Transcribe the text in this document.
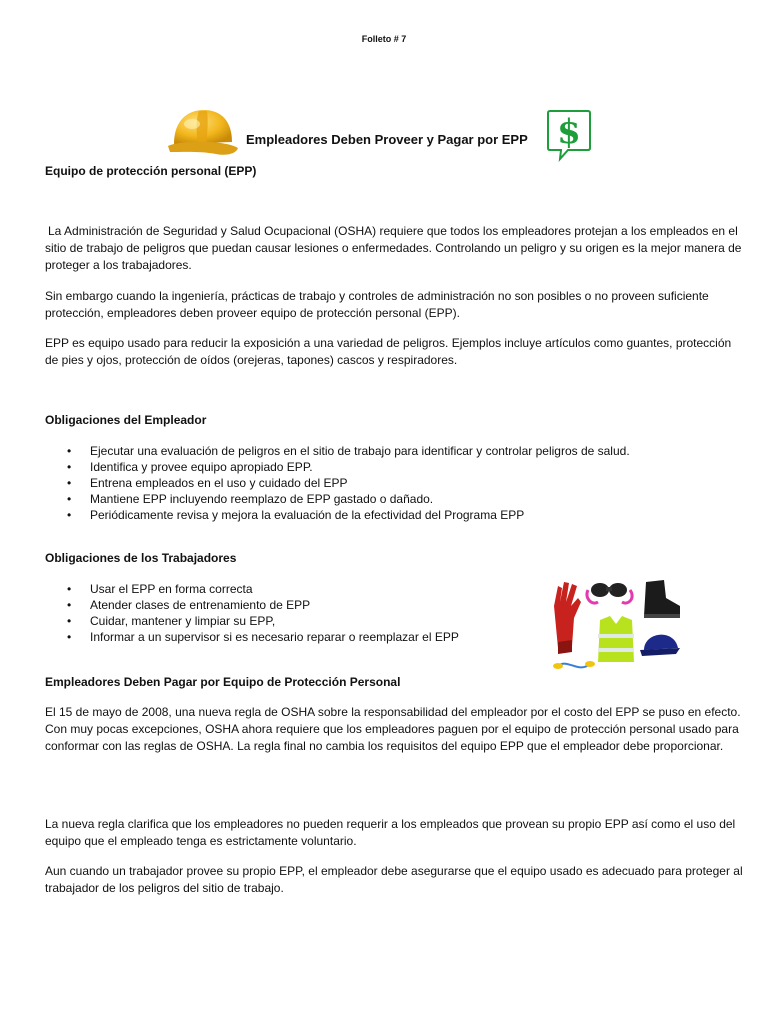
Folleto # 7
Empleadores Deben Proveer y Pagar por EPP $
Equipo de protección personal (EPP)
La Administración de Seguridad y Salud Ocupacional (OSHA) requiere que todos los empleadores protejan a los empleados en el sitio de trabajo de peligros que puedan causar lesiones o enfermedades. Controlando un peligro y su origen es la mejor manera de proteger a los trabajadores.
Sin embargo cuando la ingeniería, prácticas de trabajo y controles de administración no son posibles o no proveen suficiente protección, empleadores deben proveer equipo de protección personal (EPP).
EPP es equipo usado para reducir la exposición a una variedad de peligros. Ejemplos incluye artículos como guantes, protección de pies y ojos, protección de oídos (orejeras, tapones) cascos y respiradores.
Obligaciones del Empleador
• Ejecutar una evaluación de peligros en el sitio de trabajo para identificar y controlar peligros de salud.
• Identifica y provee equipo apropiado EPP.
• Entrena empleados en el uso y cuidado del EPP
• Mantiene EPP incluyendo reemplazo de EPP gastado o dañado.
• Periódicamente revisa y mejora la evaluación de la efectividad del Programa EPP
Obligaciones de los Trabajadores
• Usar el EPP en forma correcta
• Atender clases de entrenamiento de EPP
• Cuidar, mantener y limpiar su EPP,
• Informar a un supervisor si es necesario reparar o reemplazar el EPP
Empleadores Deben Pagar por Equipo de Protección Personal
El 15 de mayo de 2008, una nueva regla de OSHA sobre la responsabilidad del empleador por el costo del EPP se puso en efecto. Con muy pocas excepciones, OSHA ahora requiere que los empleadores paguen por el equipo de protección personal usado para conformar con las reglas de OSHA. La regla final no cambia los requisitos del equipo EPP que el empleador debe proporcionar.
La nueva regla clarifica que los empleadores no pueden requerir a los empleados que provean su propio EPP así como el uso del equipo que el empleado tenga es estrictamente voluntario.
Aun cuando un trabajador provee su propio EPP, el empleador debe asegurarse que el equipo usado es adecuado para proteger al trabajador de los peligros del sitio de trabajo.
